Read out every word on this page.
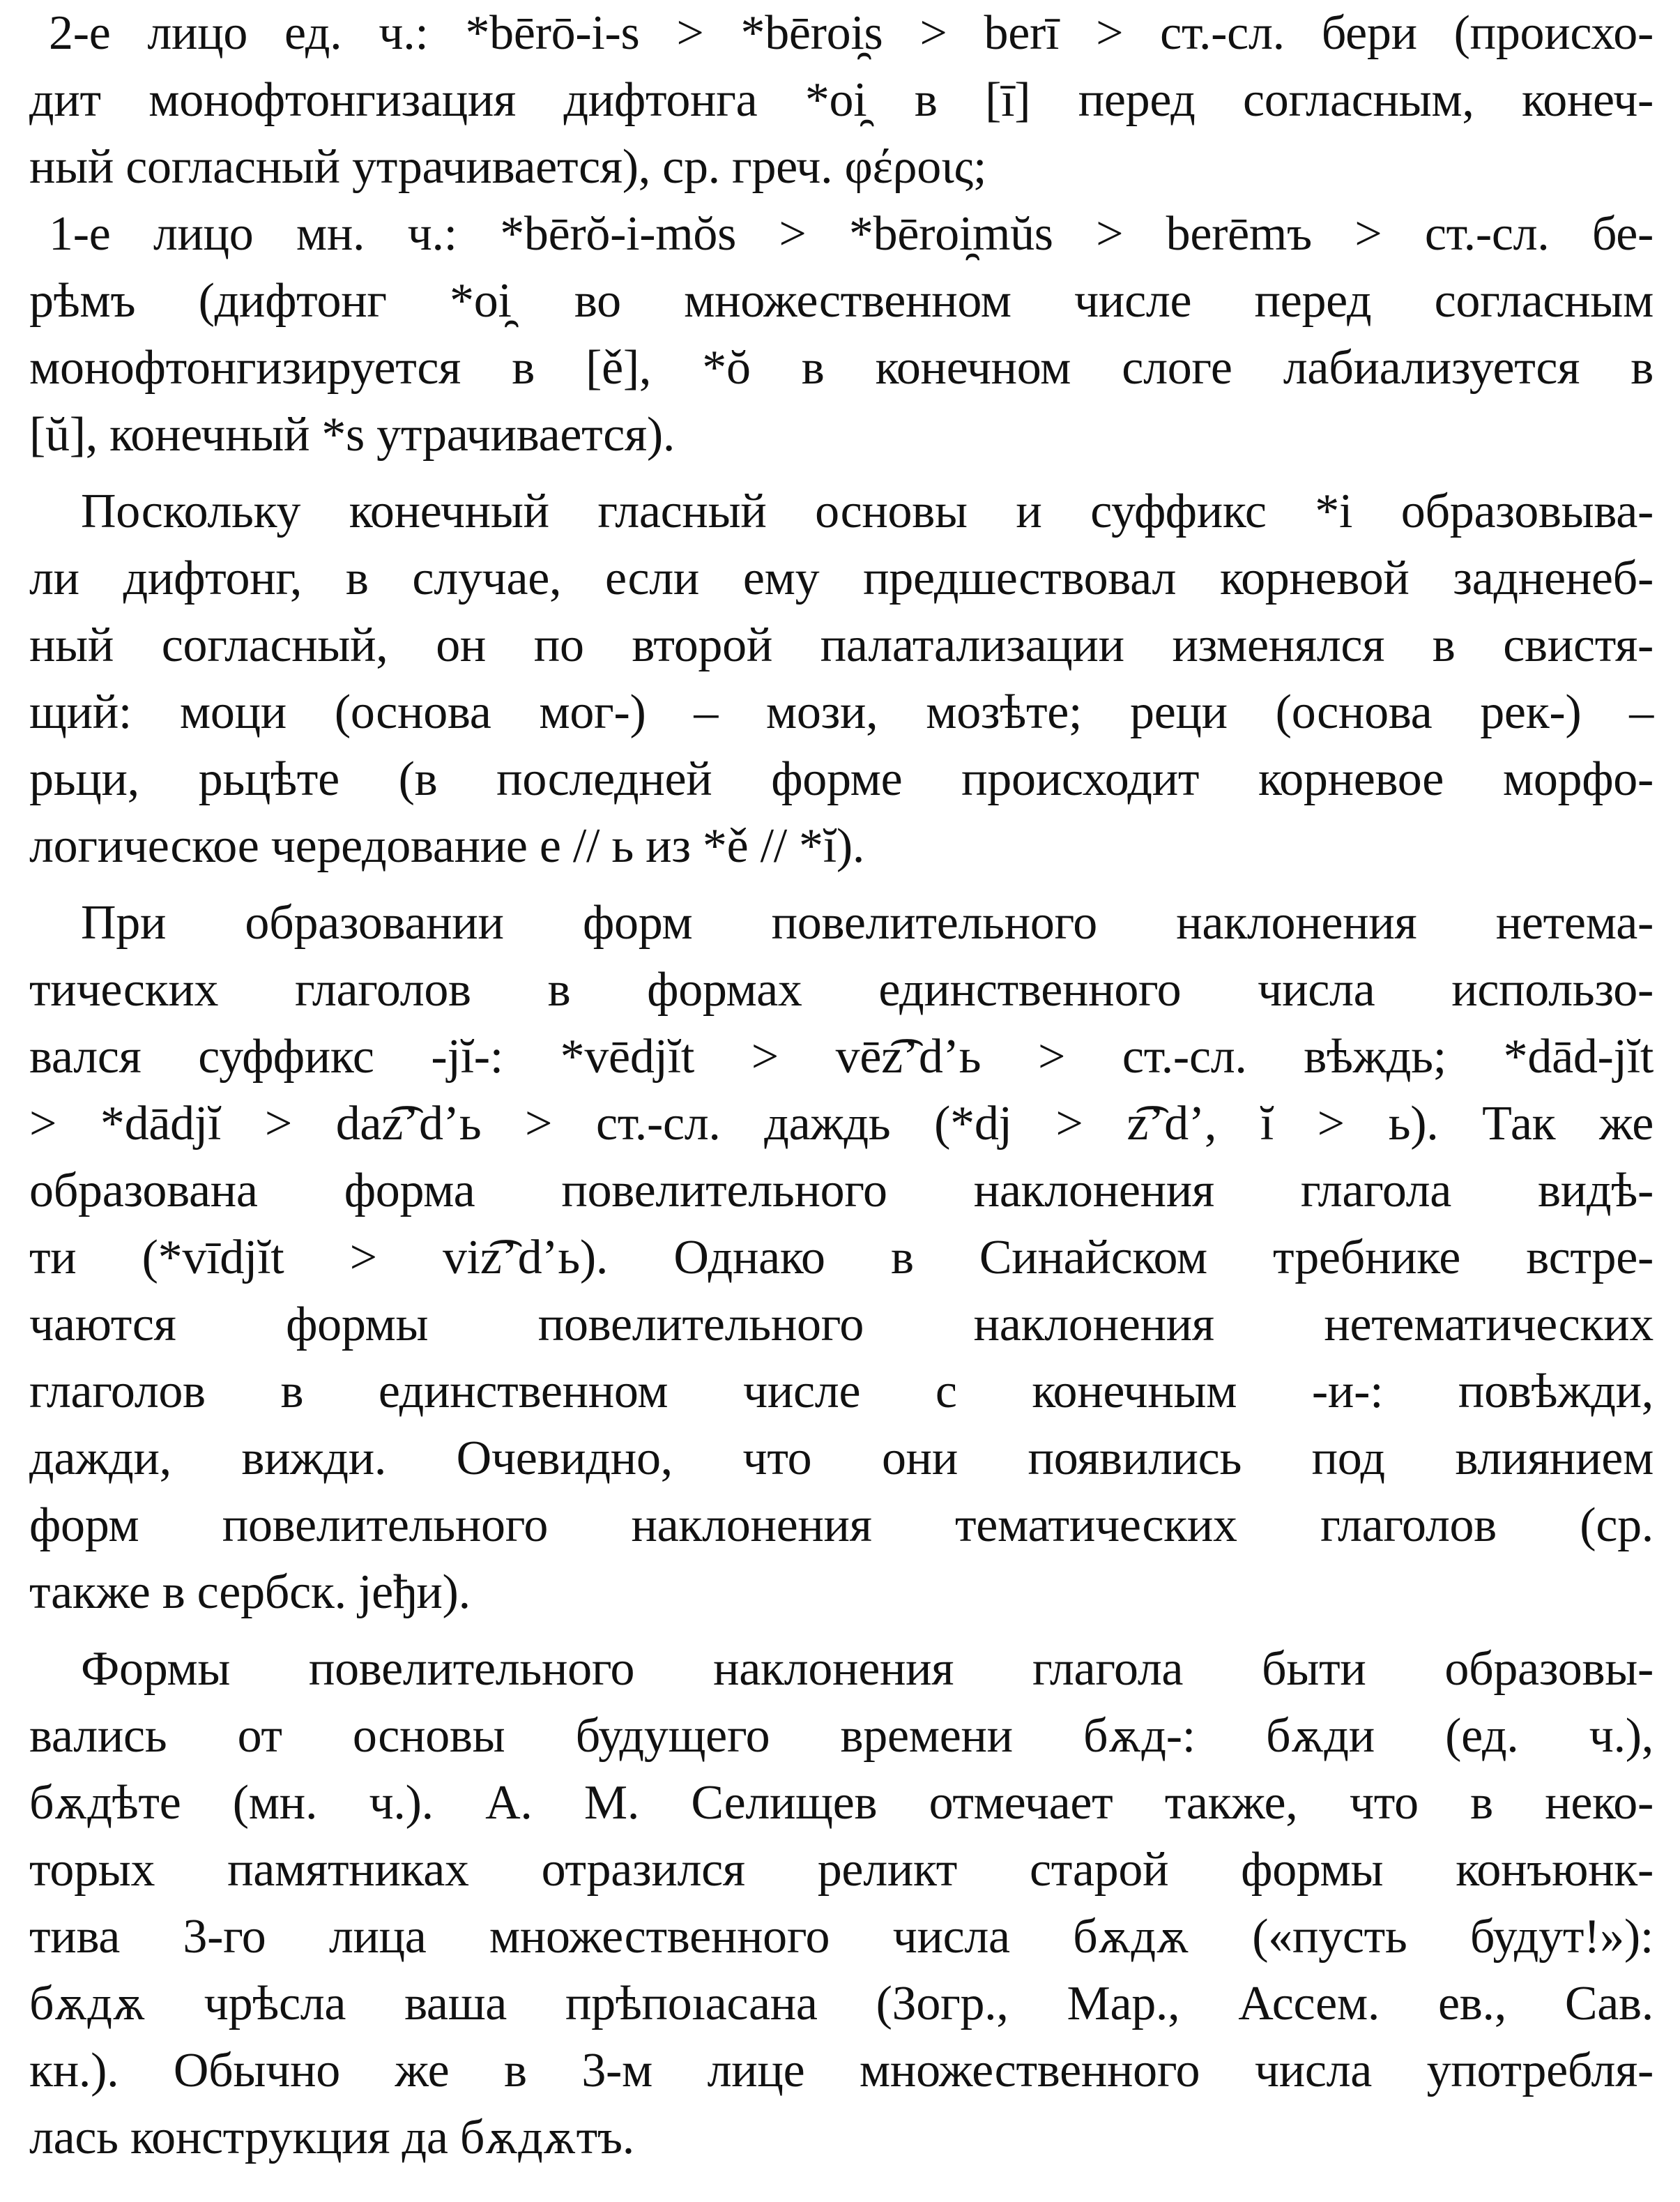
2-е лицо ед. ч.: *bērō-i-s > *bēroi̯s > berī > ст.-сл. бери (происхо-
дит монофтонгизация дифтонга *oi̯ в [ī] перед согласным, конеч-
ный согласный утрачивается), ср. греч. φέροις;
1-е лицо мн. ч.: *bērŏ-i-mŏs > *bēroi̯mŭs > berēmъ > ст.-сл. бе-
рѣмъ (дифтонг *oi̯ во множественном числе перед согласным
монофтонгизируется в [ě], *ŏ в конечном слоге лабиализуется в
[ŭ], конечный *s утрачивается).
Поскольку конечный гласный основы и суффикс *i образовыва-
ли дифтонг, в случае, если ему предшествовал корневой задненеб-
ный согласный, он по второй палатализации изменялся в свистя-
щий: моци (основа мог-) – мози, мозѣте; реци (основа рек-) –
рьци, рьцѣте (в последней форме происходит корневое морфо-
логическое чередование е // ь из *ě // *ĭ).
При образовании форм повелительного наклонения нетема-
тических глаголов в формах единственного числа использо-
вался суффикс -jĭ-: *vēdjĭt > vēz͡’d’ь > ст.-сл. вѣждь; *dād-jĭt
> *dādjĭ > daz͡’d’ь > ст.-сл. даждь (*dj > z͡’d’, ĭ > ь). Так же
образована форма повелительного наклонения глагола видѣ-
ти (*vīdjĭt > viz͡’d’ь). Однако в Синайском требнике встре-
чаются формы повелительного наклонения нетематических
глаголов в единственном числе с конечным -и-: повѣжди,
дажди, вижди. Очевидно, что они появились под влиянием
форм повелительного наклонения тематических глаголов (ср.
также в сербск. jeђи).
Формы повелительного наклонения глагола быти образовы-
вались от основы будущего времени бѫд-: бѫди (ед. ч.),
бѫдѣте (мн. ч.). А. М. Селищев отмечает также, что в неко-
торых памятниках отразился реликт старой формы конъюнк-
тива 3-го лица множественного числа бѫдѫ («пусть будут!»):
бѫдѫ чрѣсла ваша прѣпоıасана (Зогр., Мар., Ассем. ев., Сав.
кн.). Обычно же в 3-м лице множественного числа употребля-
лась конструкция да бѫдѫтъ.
